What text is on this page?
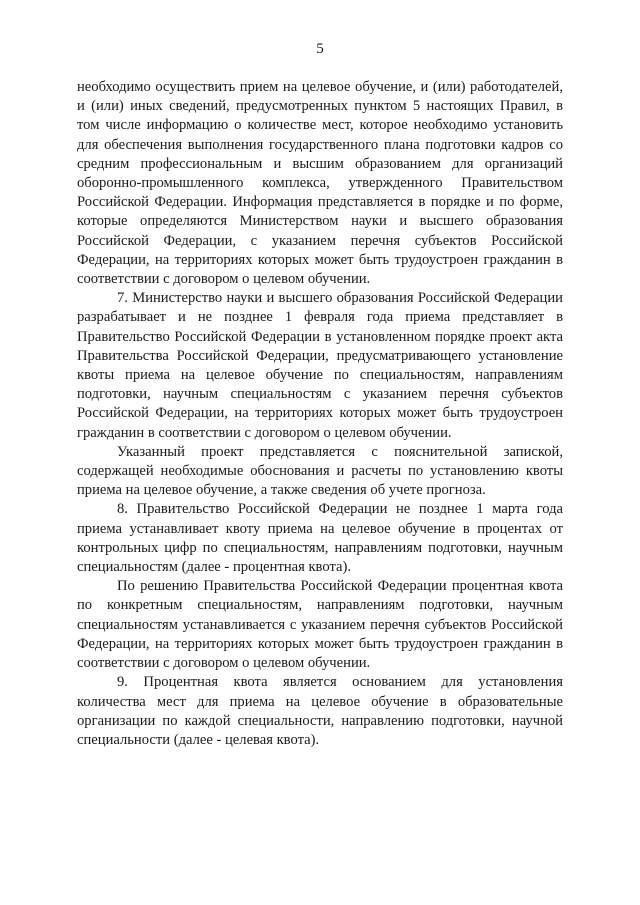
5

необходимо осуществить прием на целевое обучение, и (или) работодателей, и (или) иных сведений, предусмотренных пунктом 5 настоящих Правил, в том числе информацию о количестве мест, которое необходимо установить для обеспечения выполнения государственного плана подготовки кадров со средним профессиональным и высшим образованием для организаций оборонно-промышленного комплекса, утвержденного Правительством Российской Федерации. Информация представляется в порядке и по форме, которые определяются Министерством науки и высшего образования Российской Федерации, с указанием перечня субъектов Российской Федерации, на территориях которых может быть трудоустроен гражданин в соответствии с договором о целевом обучении.

7. Министерство науки и высшего образования Российской Федерации разрабатывает и не позднее 1 февраля года приема представляет в Правительство Российской Федерации в установленном порядке проект акта Правительства Российской Федерации, предусматривающего установление квоты приема на целевое обучение по специальностям, направлениям подготовки, научным специальностям с указанием перечня субъектов Российской Федерации, на территориях которых может быть трудоустроен гражданин в соответствии с договором о целевом обучении.

Указанный проект представляется с пояснительной запиской, содержащей необходимые обоснования и расчеты по установлению квоты приема на целевое обучение, а также сведения об учете прогноза.

8. Правительство Российской Федерации не позднее 1 марта года приема устанавливает квоту приема на целевое обучение в процентах от контрольных цифр по специальностям, направлениям подготовки, научным специальностям (далее - процентная квота).

По решению Правительства Российской Федерации процентная квота по конкретным специальностям, направлениям подготовки, научным специальностям устанавливается с указанием перечня субъектов Российской Федерации, на территориях которых может быть трудоустроен гражданин в соответствии с договором о целевом обучении.

9. Процентная квота является основанием для установления количества мест для приема на целевое обучение в образовательные организации по каждой специальности, направлению подготовки, научной специальности (далее - целевая квота).
